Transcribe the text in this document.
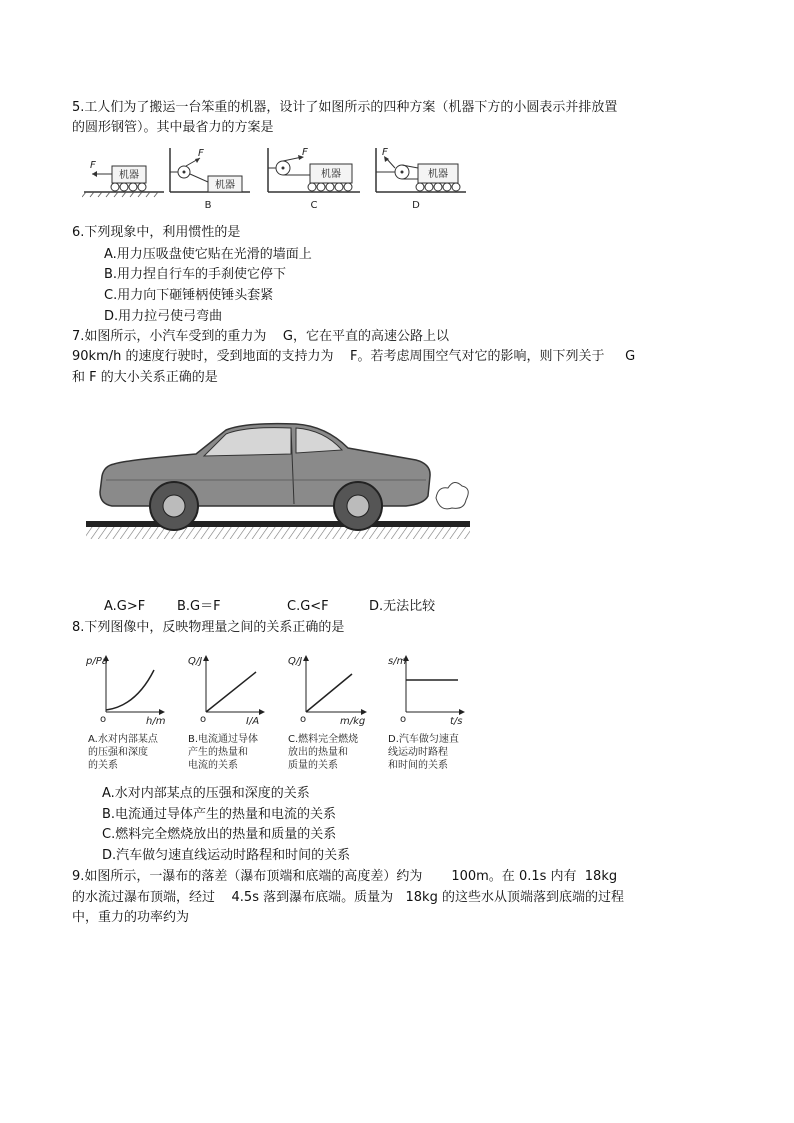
5.工人们为了搬运一台笨重的机器，设计了如图所示的四种方案（机器下方的小圆表示并排放置
的圆形钢管）。其中最省力的方案是
机器
F
机器
F
B
机器
F
C
机器
F
D
6.下列现象中，利用惯性的是
A.用力压吸盘使它贴在光滑的墙面上
B.用力捏自行车的手刹使它停下
C.用力向下砸锤柄使锤头套紧
D.用力拉弓使弓弯曲
7.如图所示，小汽车受到的重力为    G，它在平直的高速公路上以
90km/h 的速度行驶时，受到地面的支持力为    F。若考虑周围空气对它的影响，则下列关于     G
和 F 的大小关系正确的是
A.G>F B.G＝F	C.G<F	D.无法比较
8.下列图像中，反映物理量之间的关系正确的是
p/Pa
h/m
o
A.水对内部某点
的压强和深度
的关系
Q/J
I/A
o
B.电流通过导体
产生的热量和
电流的关系
Q/J
m/kg
o
C.燃料完全燃烧
放出的热量和
质量的关系
s/m
t/s
o
D.汽车做匀速直
线运动时路程
和时间的关系
A.水对内部某点的压强和深度的关系
B.电流通过导体产生的热量和电流的关系
C.燃料完全燃烧放出的热量和质量的关系
D.汽车做匀速直线运动时路程和时间的关系
9.如图所示，一瀑布的落差（瀑布顶端和底端的高度差）约为       100m。在 0.1s 内有  18kg
的水流过瀑布顶端，经过    4.5s 落到瀑布底端。质量为   18kg 的这些水从顶端落到底端的过程
中，重力的功率约为
